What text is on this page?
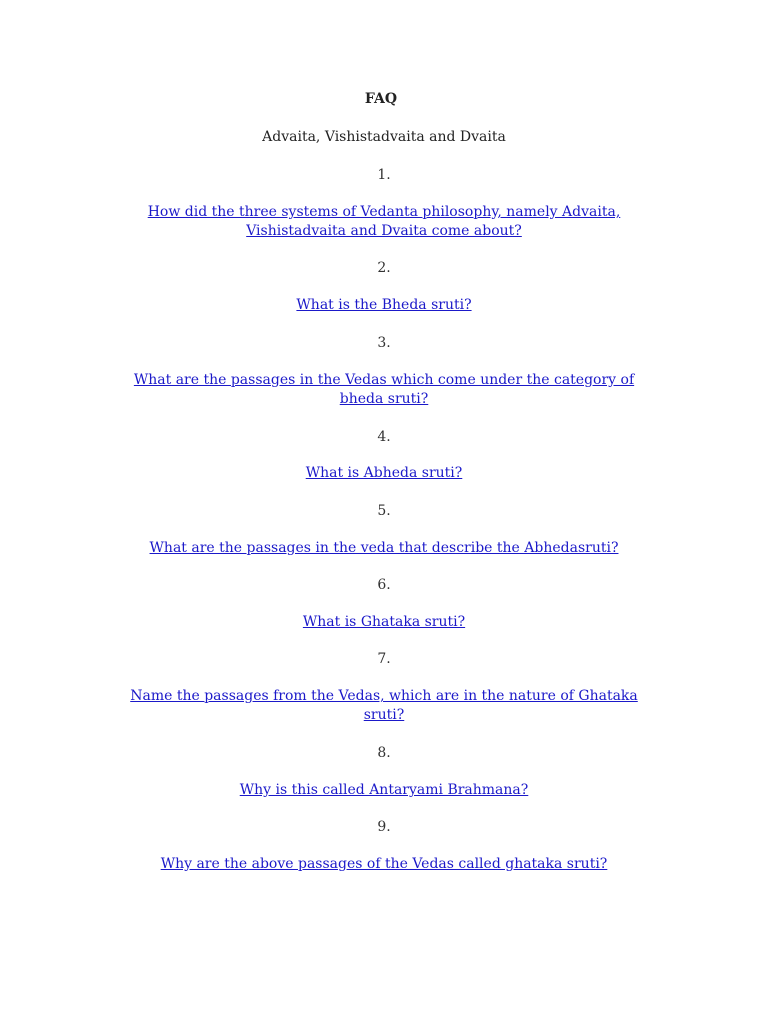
FAQ
Advaita, Vishistadvaita and Dvaita
1.
How did the three systems of Vedanta philosophy, namely Advaita,
Vishistadvaita and Dvaita come about?
2.
What is the Bheda sruti?
3.
What are the passages in the Vedas which come under the category of
bheda sruti?
4.
What is Abheda sruti?
5.
What are the passages in the veda that describe the Abhedasruti?
6.
What is Ghataka sruti?
7.
Name the passages from the Vedas, which are in the nature of Ghataka
sruti?
8.
Why is this called Antaryami Brahmana?
9.
Why are the above passages of the Vedas called ghataka sruti?
